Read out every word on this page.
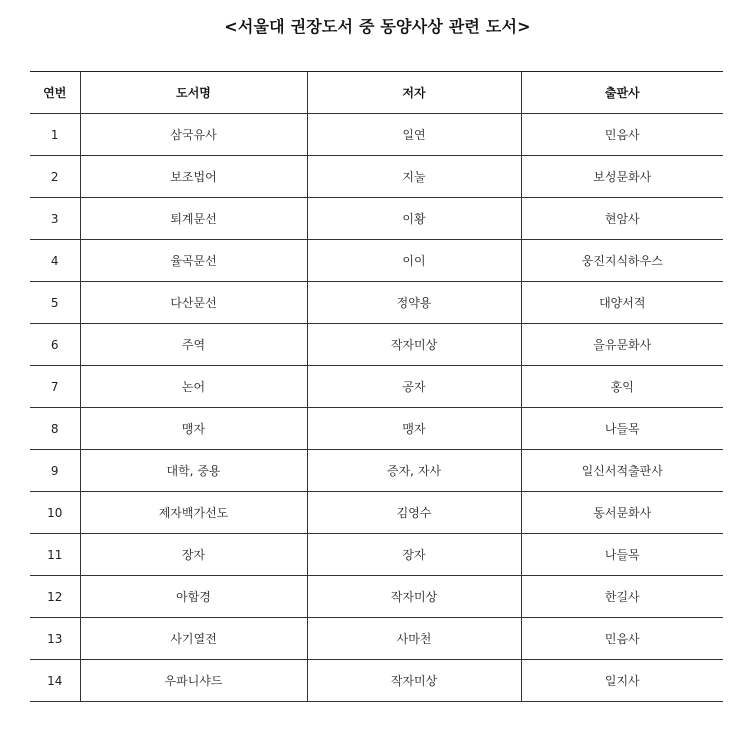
<서울대 권장도서 중 동양사상 관련 도서>
연번	도서명	저자	출판사
1	삼국유사	일연	민음사
2	보조법어	지눌	보성문화사
3	퇴계문선	이황	현암사
4	율곡문선	이이	웅진지식하우스
5	다산문선	정약용	대양서적
6	주역	작자미상	을유문화사
7	논어	공자	홍익
8	맹자	맹자	나들목
9	대학, 중용	증자, 자사	일신서적출판사
10	제자백가선도	김영수	동서문화사
11	장자	장자	나들목
12	아함경	작자미상	한길사
13	사기열전	사마천	민음사
14	우파니샤드	작자미상	일지사
